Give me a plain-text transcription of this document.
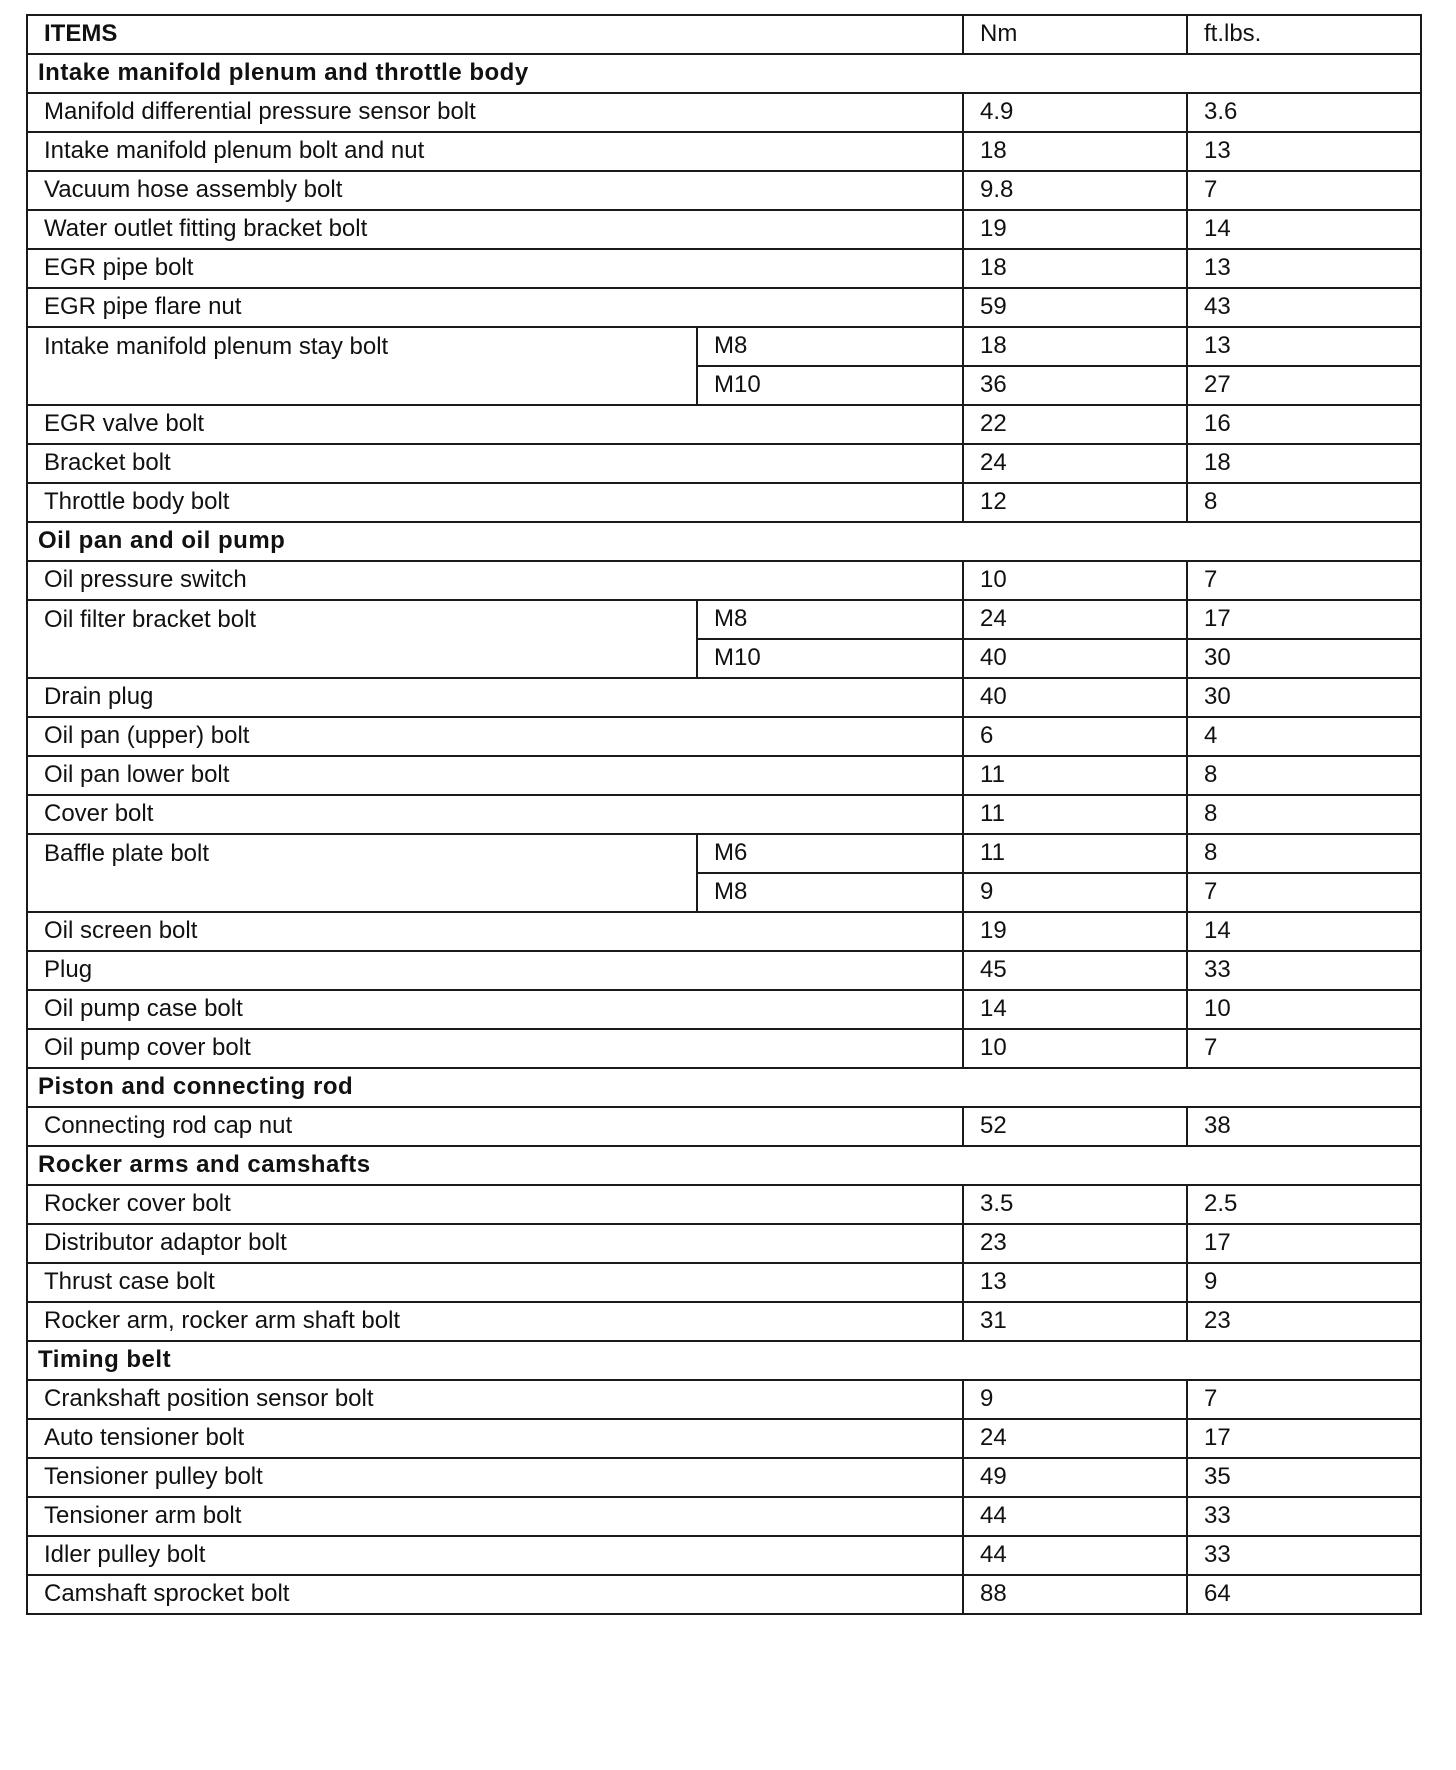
ITEMS		Nm	ft.lbs.
Intake manifold plenum and throttle body			
Manifold differential pressure sensor bolt		4.9	3.6
Intake manifold plenum bolt and nut		18	13
Vacuum hose assembly bolt		9.8	7
Water outlet fitting bracket bolt		19	14
EGR pipe bolt		18	13
EGR pipe flare nut		59	43
Intake manifold plenum stay bolt	M8	18	13
	M10	36	27
EGR valve bolt		22	16
Bracket bolt		24	18
Throttle body bolt		12	8
Oil pan and oil pump			
Oil pressure switch		10	7
Oil filter bracket bolt	M8	24	17
	M10	40	30
Drain plug		40	30
Oil pan (upper) bolt		6	4
Oil pan lower bolt		11	8
Cover bolt		11	8
Baffle plate bolt	M6	11	8
	M8	9	7
Oil screen bolt		19	14
Plug		45	33
Oil pump case bolt		14	10
Oil pump cover bolt		10	7
Piston and connecting rod			
Connecting rod cap nut		52	38
Rocker arms and camshafts			
Rocker cover bolt		3.5	2.5
Distributor adaptor bolt		23	17
Thrust case bolt		13	9
Rocker arm, rocker arm shaft bolt		31	23
Timing belt			
Crankshaft position sensor bolt		9	7
Auto tensioner bolt		24	17
Tensioner pulley bolt		49	35
Tensioner arm bolt		44	33
Idler pulley bolt		44	33
Camshaft sprocket bolt		88	64
